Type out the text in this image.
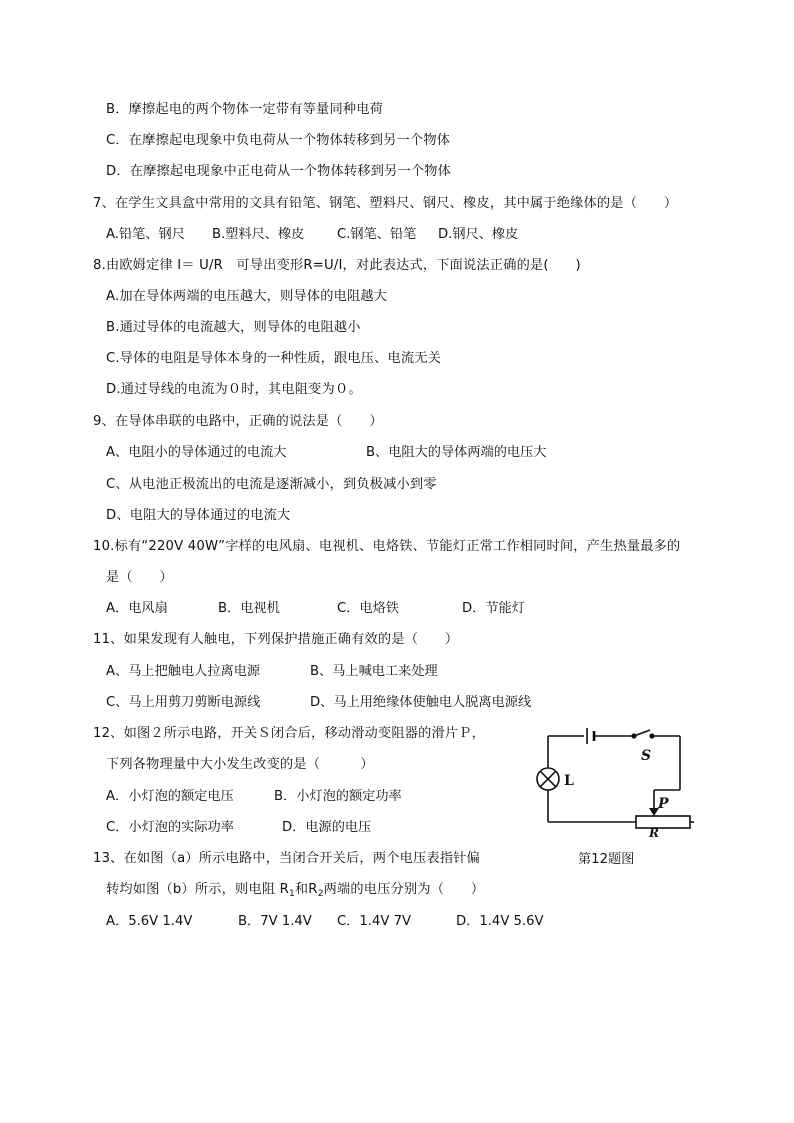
B．摩擦起电的两个物体一定带有等量同种电荷
C．在摩擦起电现象中负电荷从一个物体转移到另一个物体
D．在摩擦起电现象中正电荷从一个物体转移到另一个物体
7、在学生文具盒中常用的文具有铅笔、钢笔、塑料尺、钢尺、橡皮，其中属于绝缘体的是（　　）
A.铅笔、钢尺 B.塑料尺、橡皮 C.钢笔、铅笔 D.钢尺、橡皮
8.由欧姆定律 I＝ U/R　可导出变形R=U/I，对此表达式，下面说法正确的是(　　)
A.加在导体两端的电压越大，则导体的电阻越大
B.通过导体的电流越大，则导体的电阻越小
C.导体的电阻是导体本身的一种性质，跟电压、电流无关
D.通过导线的电流为０时，其电阻变为０。
9、在导体串联的电路中，正确的说法是（　　）
A、电阻小的导体通过的电流大	B、电阻大的导体两端的电压大
C、从电池正极流出的电流是逐渐减小，到负极减小到零
D、电阻大的导体通过的电流大
10.标有“220V 40W”字样的电风扇、电视机、电烙铁、节能灯正常工作相同时间，产生热量最多的
是（　　）
A．电风扇	B．电视机	C．电烙铁	D．节能灯
11、如果发现有人触电，下列保护措施正确有效的是（　　）
A、马上把触电人拉离电源	B、马上喊电工来处理
C、马上用剪刀剪断电源线	D、马上用绝缘体使触电人脱离电源线
12、如图２所示电路，开关Ｓ闭合后，移动滑动变阻器的滑片Ｐ，
下列各物理量中大小发生改变的是（　　　）
A．小灯泡的额定电压	B．小灯泡的额定功率
C．小灯泡的实际功率	D．电源的电压
S
L
P
R
第12题图
13、在如图（a）所示电路中，当闭合开关后，两个电压表指针偏
转均如图（b）所示，则电阻 $R_1$和$R_2$两端的电压分别为（　　）
A．5.6V 1.4V	B．7V 1.4V C．1.4V 7V	D．1.4V 5.6V
